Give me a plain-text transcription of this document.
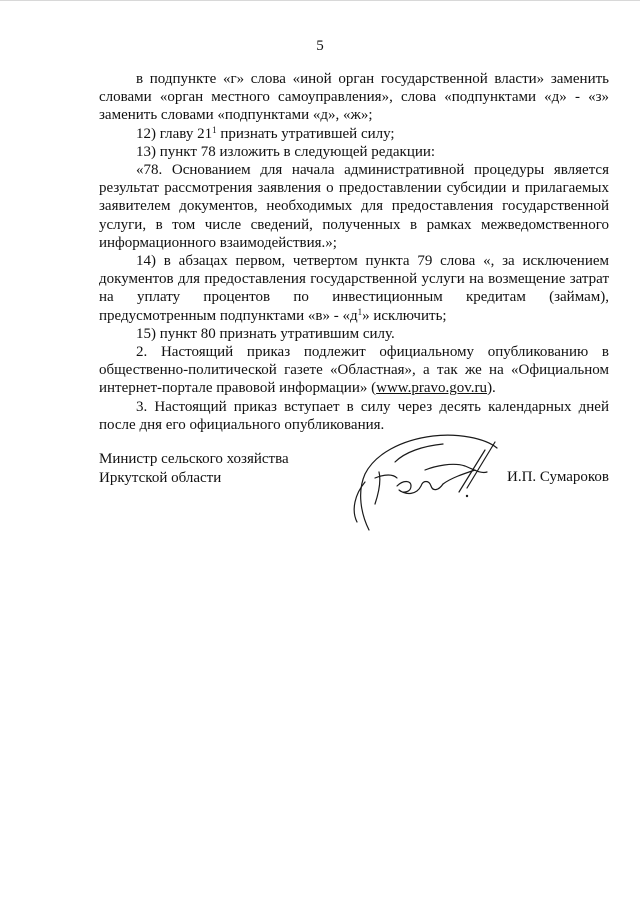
5

в подпункте «г» слова «иной орган государственной власти» заменить словами «орган местного самоуправления», слова «подпунктами «д» - «з» заменить словами «подпунктами «д», «ж»;

12) главу $21^1$ признать утратившей силу;

13) пункт 78 изложить в следующей редакции:

«78. Основанием для начала административной процедуры является результат рассмотрения заявления о предоставлении субсидии и прилагаемых заявителем документов, необходимых для предоставления государственной услуги, в том числе сведений, полученных в рамках межведомственного информационного взаимодействия.»;

14) в абзацах первом, четвертом пункта 79 слова «, за исключением документов для предоставления государственной услуги на возмещение затрат на уплату процентов по инвестиционным кредитам (займам), предусмотренным подпунктами «в» - «$д^1$» исключить;

15) пункт 80 признать утратившим силу.

2. Настоящий приказ подлежит официальному опубликованию в общественно-политической газете «Областная», а так же на «Официальном интернет-портале правовой информации» (www.pravo.gov.ru).

3. Настоящий приказ вступает в силу через десять календарных дней после дня его официального опубликования.

Министр сельского хозяйства
Иркутской области	И.П. Сумароков
